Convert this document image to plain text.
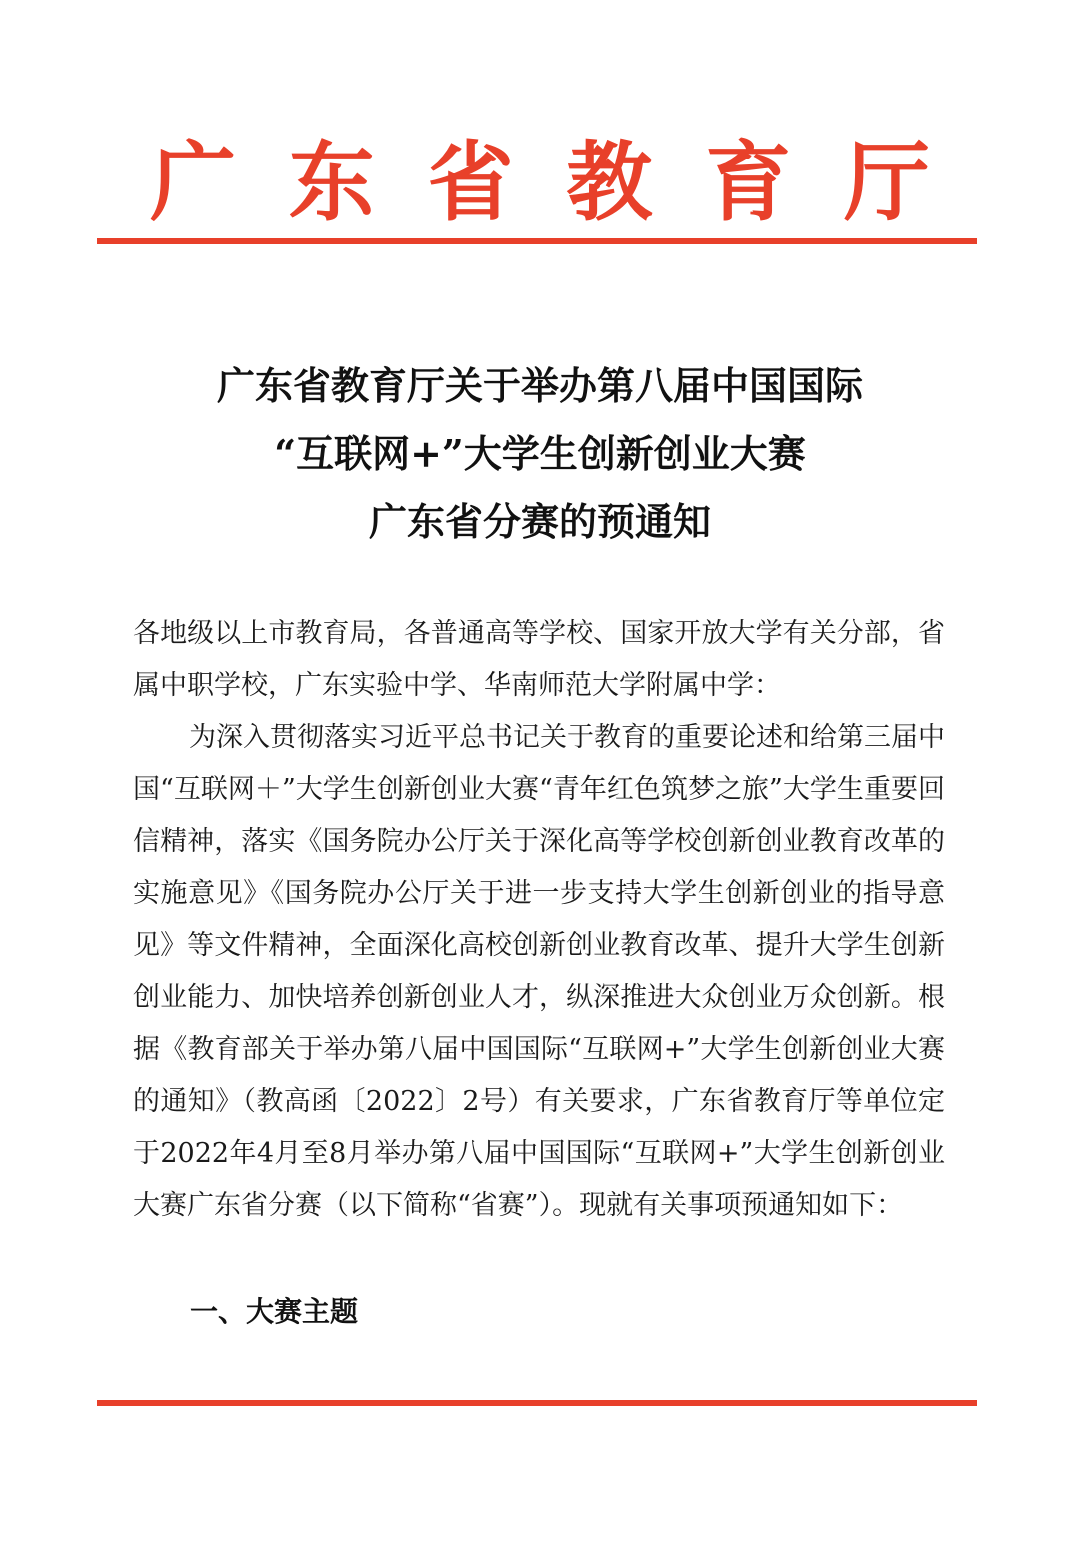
广 东 省 教 育 厅
广东省教育厅关于举办第八届中国国际
“互联网+”大学生创新创业大赛
广东省分赛的预通知

各地级以上市教育局，各普通高等学校、国家开放大学有关分部，省属中职学校，广东实验中学、华南师范大学附属中学：

为深入贯彻落实习近平总书记关于教育的重要论述和给第三届中国“互联网＋”大学生创新创业大赛“青年红色筑梦之旅”大学生重要回信精神，落实《国务院办公厅关于深化高等学校创新创业教育改革的实施意见》《国务院办公厅关于进一步支持大学生创新创业的指导意见》等文件精神，全面深化高校创新创业教育改革、提升大学生创新创业能力、加快培养创新创业人才，纵深推进大众创业万众创新。根据《教育部关于举办第八届中国国际“互联网+”大学生创新创业大赛的通知》（教高函〔2022〕2号）有关要求，广东省教育厅等单位定于2022年4月至8月举办第八届中国国际“互联网+”大学生创新创业大赛广东省分赛（以下简称“省赛”）。现就有关事项预通知如下：

一、大赛主题
